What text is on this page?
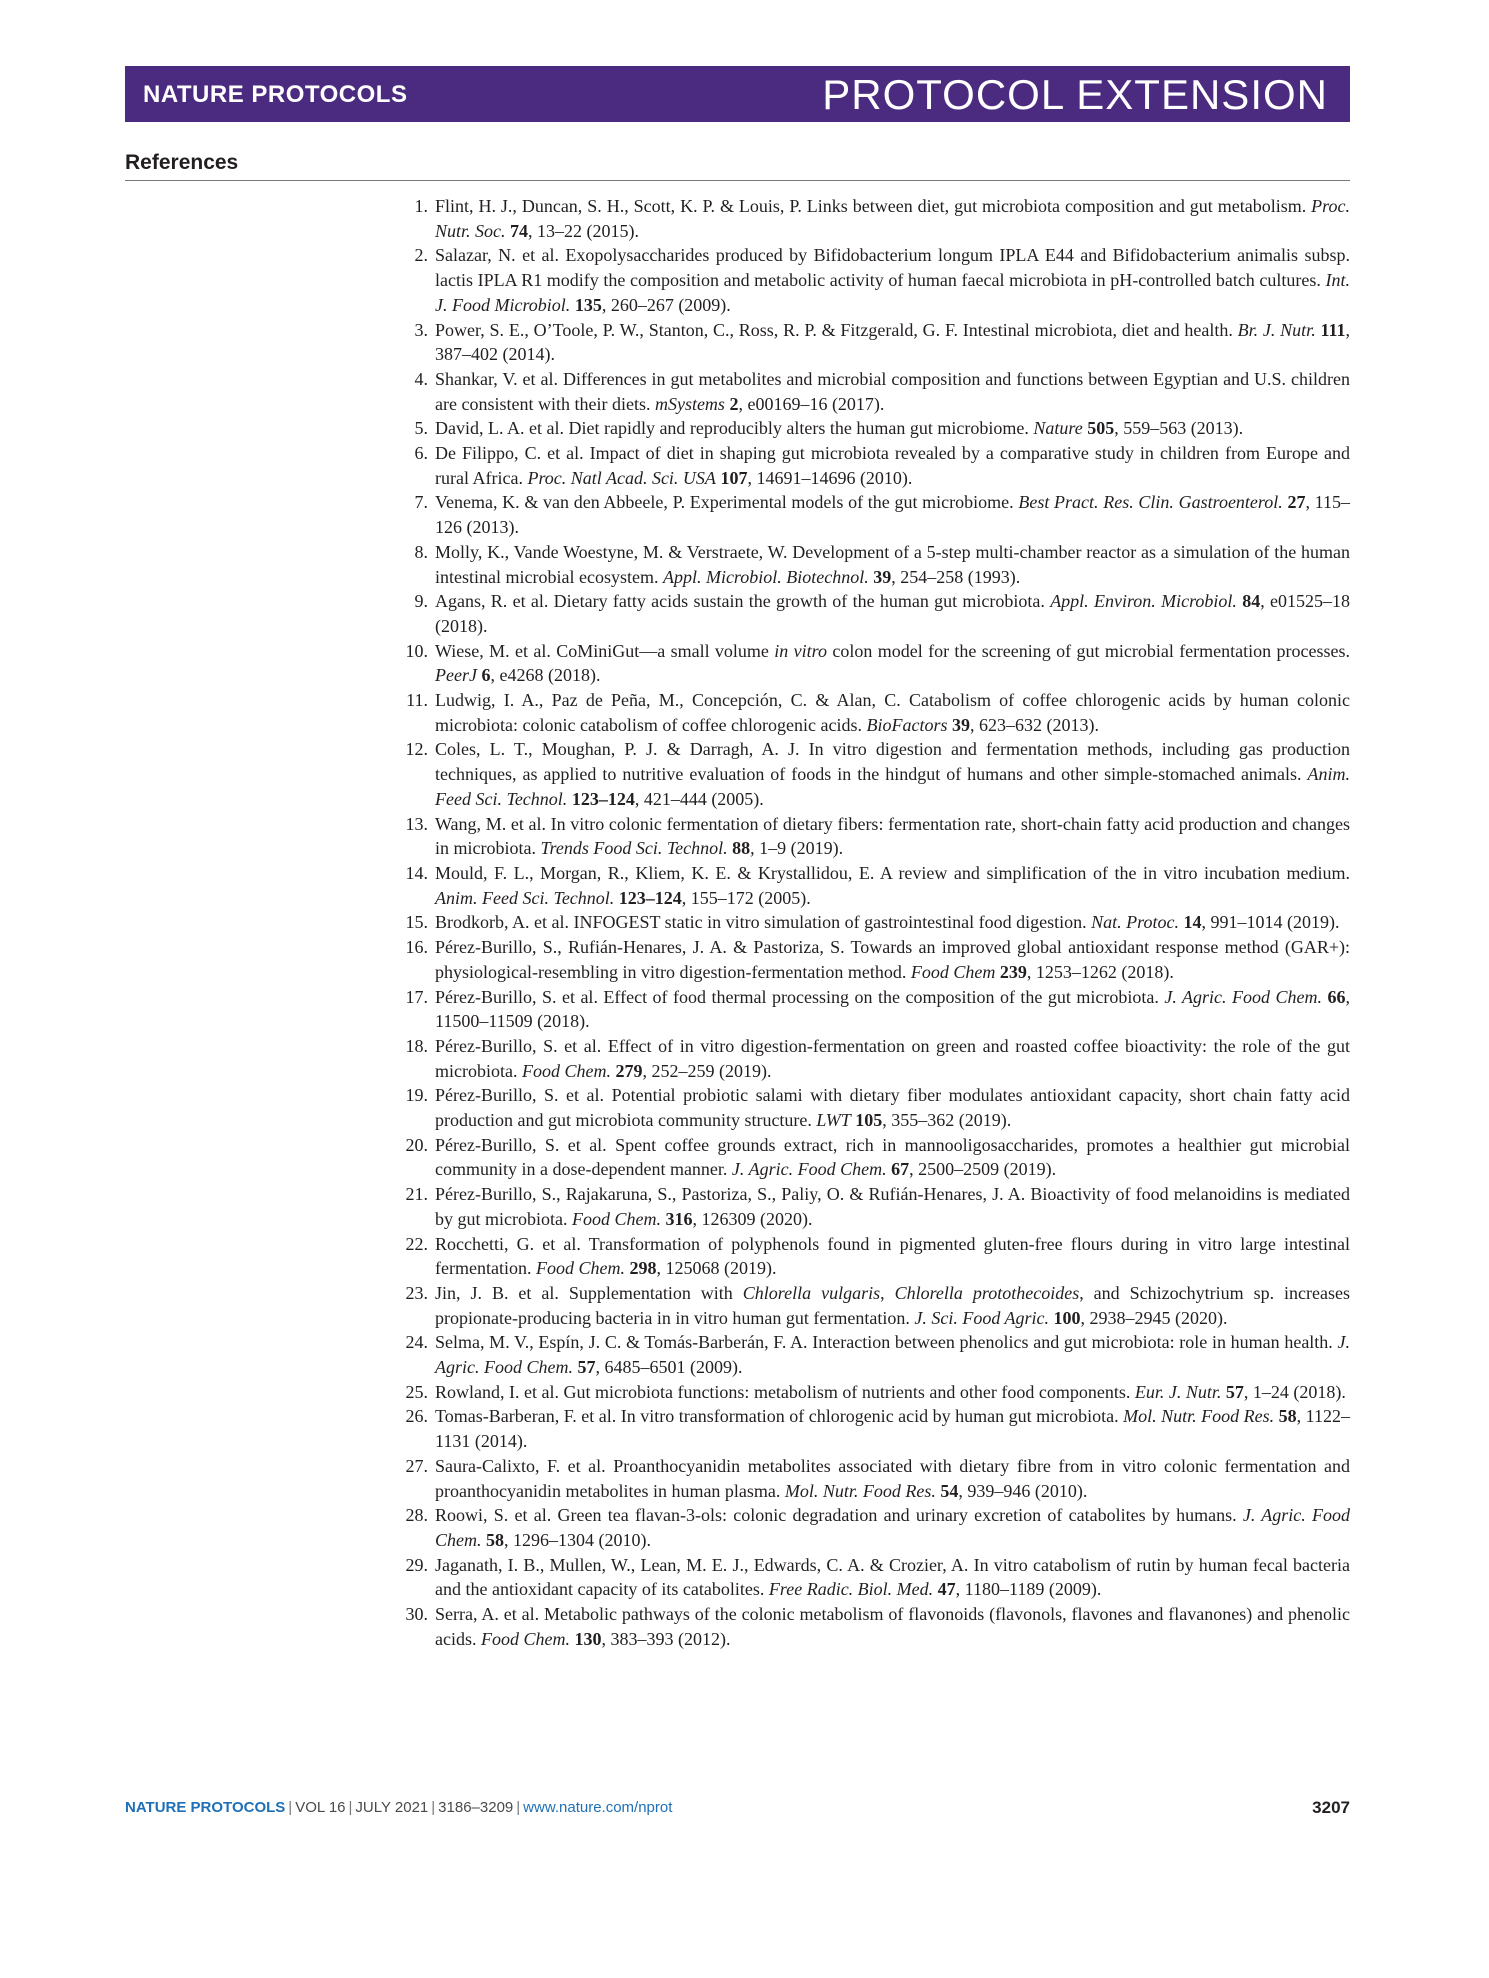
NATURE PROTOCOLS	PROTOCOL EXTENSION
References
1. Flint, H. J., Duncan, S. H., Scott, K. P. & Louis, P. Links between diet, gut microbiota composition and gut metabolism. Proc. Nutr. Soc. 74, 13–22 (2015).
2. Salazar, N. et al. Exopolysaccharides produced by Bifidobacterium longum IPLA E44 and Bifidobacterium animalis subsp. lactis IPLA R1 modify the composition and metabolic activity of human faecal microbiota in pH-controlled batch cultures. Int. J. Food Microbiol. 135, 260–267 (2009).
3. Power, S. E., O’Toole, P. W., Stanton, C., Ross, R. P. & Fitzgerald, G. F. Intestinal microbiota, diet and health. Br. J. Nutr. 111, 387–402 (2014).
4. Shankar, V. et al. Differences in gut metabolites and microbial composition and functions between Egyptian and U.S. children are consistent with their diets. mSystems 2, e00169–16 (2017).
5. David, L. A. et al. Diet rapidly and reproducibly alters the human gut microbiome. Nature 505, 559–563 (2013).
6. De Filippo, C. et al. Impact of diet in shaping gut microbiota revealed by a comparative study in children from Europe and rural Africa. Proc. Natl Acad. Sci. USA 107, 14691–14696 (2010).
7. Venema, K. & van den Abbeele, P. Experimental models of the gut microbiome. Best Pract. Res. Clin. Gastroenterol. 27, 115–126 (2013).
8. Molly, K., Vande Woestyne, M. & Verstraete, W. Development of a 5-step multi-chamber reactor as a simulation of the human intestinal microbial ecosystem. Appl. Microbiol. Biotechnol. 39, 254–258 (1993).
9. Agans, R. et al. Dietary fatty acids sustain the growth of the human gut microbiota. Appl. Environ. Microbiol. 84, e01525–18 (2018).
10. Wiese, M. et al. CoMiniGut—a small volume in vitro colon model for the screening of gut microbial fermentation processes. PeerJ 6, e4268 (2018).
11. Ludwig, I. A., Paz de Peña, M., Concepción, C. & Alan, C. Catabolism of coffee chlorogenic acids by human colonic microbiota: colonic catabolism of coffee chlorogenic acids. BioFactors 39, 623–632 (2013).
12. Coles, L. T., Moughan, P. J. & Darragh, A. J. In vitro digestion and fermentation methods, including gas production techniques, as applied to nutritive evaluation of foods in the hindgut of humans and other simple-stomached animals. Anim. Feed Sci. Technol. 123–124, 421–444 (2005).
13. Wang, M. et al. In vitro colonic fermentation of dietary fibers: fermentation rate, short-chain fatty acid production and changes in microbiota. Trends Food Sci. Technol. 88, 1–9 (2019).
14. Mould, F. L., Morgan, R., Kliem, K. E. & Krystallidou, E. A review and simplification of the in vitro incubation medium. Anim. Feed Sci. Technol. 123–124, 155–172 (2005).
15. Brodkorb, A. et al. INFOGEST static in vitro simulation of gastrointestinal food digestion. Nat. Protoc. 14, 991–1014 (2019).
16. Pérez-Burillo, S., Rufián-Henares, J. A. & Pastoriza, S. Towards an improved global antioxidant response method (GAR+): physiological-resembling in vitro digestion-fermentation method. Food Chem 239, 1253–1262 (2018).
17. Pérez-Burillo, S. et al. Effect of food thermal processing on the composition of the gut microbiota. J. Agric. Food Chem. 66, 11500–11509 (2018).
18. Pérez-Burillo, S. et al. Effect of in vitro digestion-fermentation on green and roasted coffee bioactivity: the role of the gut microbiota. Food Chem. 279, 252–259 (2019).
19. Pérez-Burillo, S. et al. Potential probiotic salami with dietary fiber modulates antioxidant capacity, short chain fatty acid production and gut microbiota community structure. LWT 105, 355–362 (2019).
20. Pérez-Burillo, S. et al. Spent coffee grounds extract, rich in mannooligosaccharides, promotes a healthier gut microbial community in a dose-dependent manner. J. Agric. Food Chem. 67, 2500–2509 (2019).
21. Pérez-Burillo, S., Rajakaruna, S., Pastoriza, S., Paliy, O. & Rufián-Henares, J. A. Bioactivity of food melanoidins is mediated by gut microbiota. Food Chem. 316, 126309 (2020).
22. Rocchetti, G. et al. Transformation of polyphenols found in pigmented gluten-free flours during in vitro large intestinal fermentation. Food Chem. 298, 125068 (2019).
23. Jin, J. B. et al. Supplementation with Chlorella vulgaris, Chlorella protothecoides, and Schizochytrium sp. increases propionate-producing bacteria in in vitro human gut fermentation. J. Sci. Food Agric. 100, 2938–2945 (2020).
24. Selma, M. V., Espín, J. C. & Tomás-Barberán, F. A. Interaction between phenolics and gut microbiota: role in human health. J. Agric. Food Chem. 57, 6485–6501 (2009).
25. Rowland, I. et al. Gut microbiota functions: metabolism of nutrients and other food components. Eur. J. Nutr. 57, 1–24 (2018).
26. Tomas-Barberan, F. et al. In vitro transformation of chlorogenic acid by human gut microbiota. Mol. Nutr. Food Res. 58, 1122–1131 (2014).
27. Saura-Calixto, F. et al. Proanthocyanidin metabolites associated with dietary fibre from in vitro colonic fermentation and proanthocyanidin metabolites in human plasma. Mol. Nutr. Food Res. 54, 939–946 (2010).
28. Roowi, S. et al. Green tea flavan-3-ols: colonic degradation and urinary excretion of catabolites by humans. J. Agric. Food Chem. 58, 1296–1304 (2010).
29. Jaganath, I. B., Mullen, W., Lean, M. E. J., Edwards, C. A. & Crozier, A. In vitro catabolism of rutin by human fecal bacteria and the antioxidant capacity of its catabolites. Free Radic. Biol. Med. 47, 1180–1189 (2009).
30. Serra, A. et al. Metabolic pathways of the colonic metabolism of flavonoids (flavonols, flavones and flavanones) and phenolic acids. Food Chem. 130, 383–393 (2012).
NATURE PROTOCOLS | VOL 16 | JULY 2021 | 3186–3209 | www.nature.com/nprot	3207
